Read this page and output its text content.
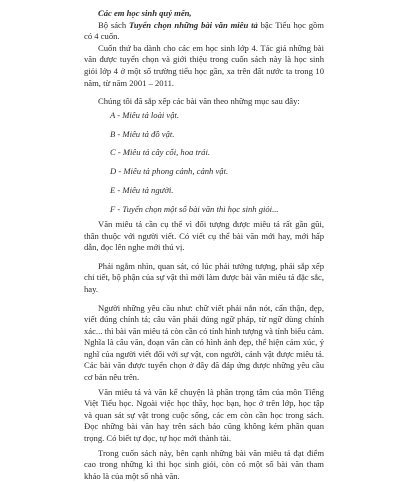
Các em học sinh quý mến,

Bộ sách Tuyển chọn những bài văn miêu tả bậc Tiểu học gồm có 4 cuốn.

Cuốn thứ ba dành cho các em học sinh lớp 4. Tác giả những bài văn được tuyển chọn và giới thiệu trong cuốn sách này là học sinh giỏi lớp 4 ở một số trường tiểu học gần, xa trên đất nước ta trong 10 năm, từ năm 2001 – 2011.

Chúng tôi đã sắp xếp các bài văn theo những mục sau đây:

A - Miêu tả loài vật.
B - Miêu tả đồ vật.
C - Miêu tả cây cối, hoa trái.
D - Miêu tả phong cảnh, cảnh vật.
E - Miêu tả người.
F - Tuyển chọn một số bài văn thi học sinh giỏi...

Văn miêu tả cần cụ thể vì đối tượng được miêu tả rất gần gũi, thân thuộc với người viết. Có viết cụ thể bài văn mới hay, mới hấp dẫn, đọc lên nghe mới thú vị.

Phải ngắm nhìn, quan sát, có lúc phải tưởng tượng, phải sắp xếp chi tiết, bộ phận của sự vật thì mới làm được bài văn miêu tả đặc sắc, hay.

Người những yêu cầu như: chữ viết phải nắn nót, cẩn thận, đẹp, viết đúng chính tả; câu văn phải đúng ngữ pháp, từ ngữ dùng chính xác... thì bài văn miêu tả còn cần có tính hình tượng và tính biểu cảm. Nghĩa là câu văn, đoạn văn cần có hình ảnh đẹp, thể hiện cảm xúc, ý nghĩ của người viết đối với sự vật, con người, cảnh vật được miêu tả. Các bài văn được tuyển chọn ở đây đã đáp ứng được những yêu cầu cơ bản nêu trên.

Văn miêu tả và văn kể chuyện là phần trọng tâm của môn Tiếng Việt Tiểu học. Ngoài việc học thầy, học bạn, học ở trên lớp, học tập và quan sát sự vật trong cuộc sống, các em còn cần học trong sách. Đọc những bài văn hay trên sách báo cũng không kém phần quan trọng. Có biết tự đọc, tự học mới thành tài.

Trong cuốn sách này, bên cạnh những bài văn miêu tả đạt điểm cao trong những kì thi học sinh giỏi, còn có một số bài văn tham khảo là của một số nhà văn.
